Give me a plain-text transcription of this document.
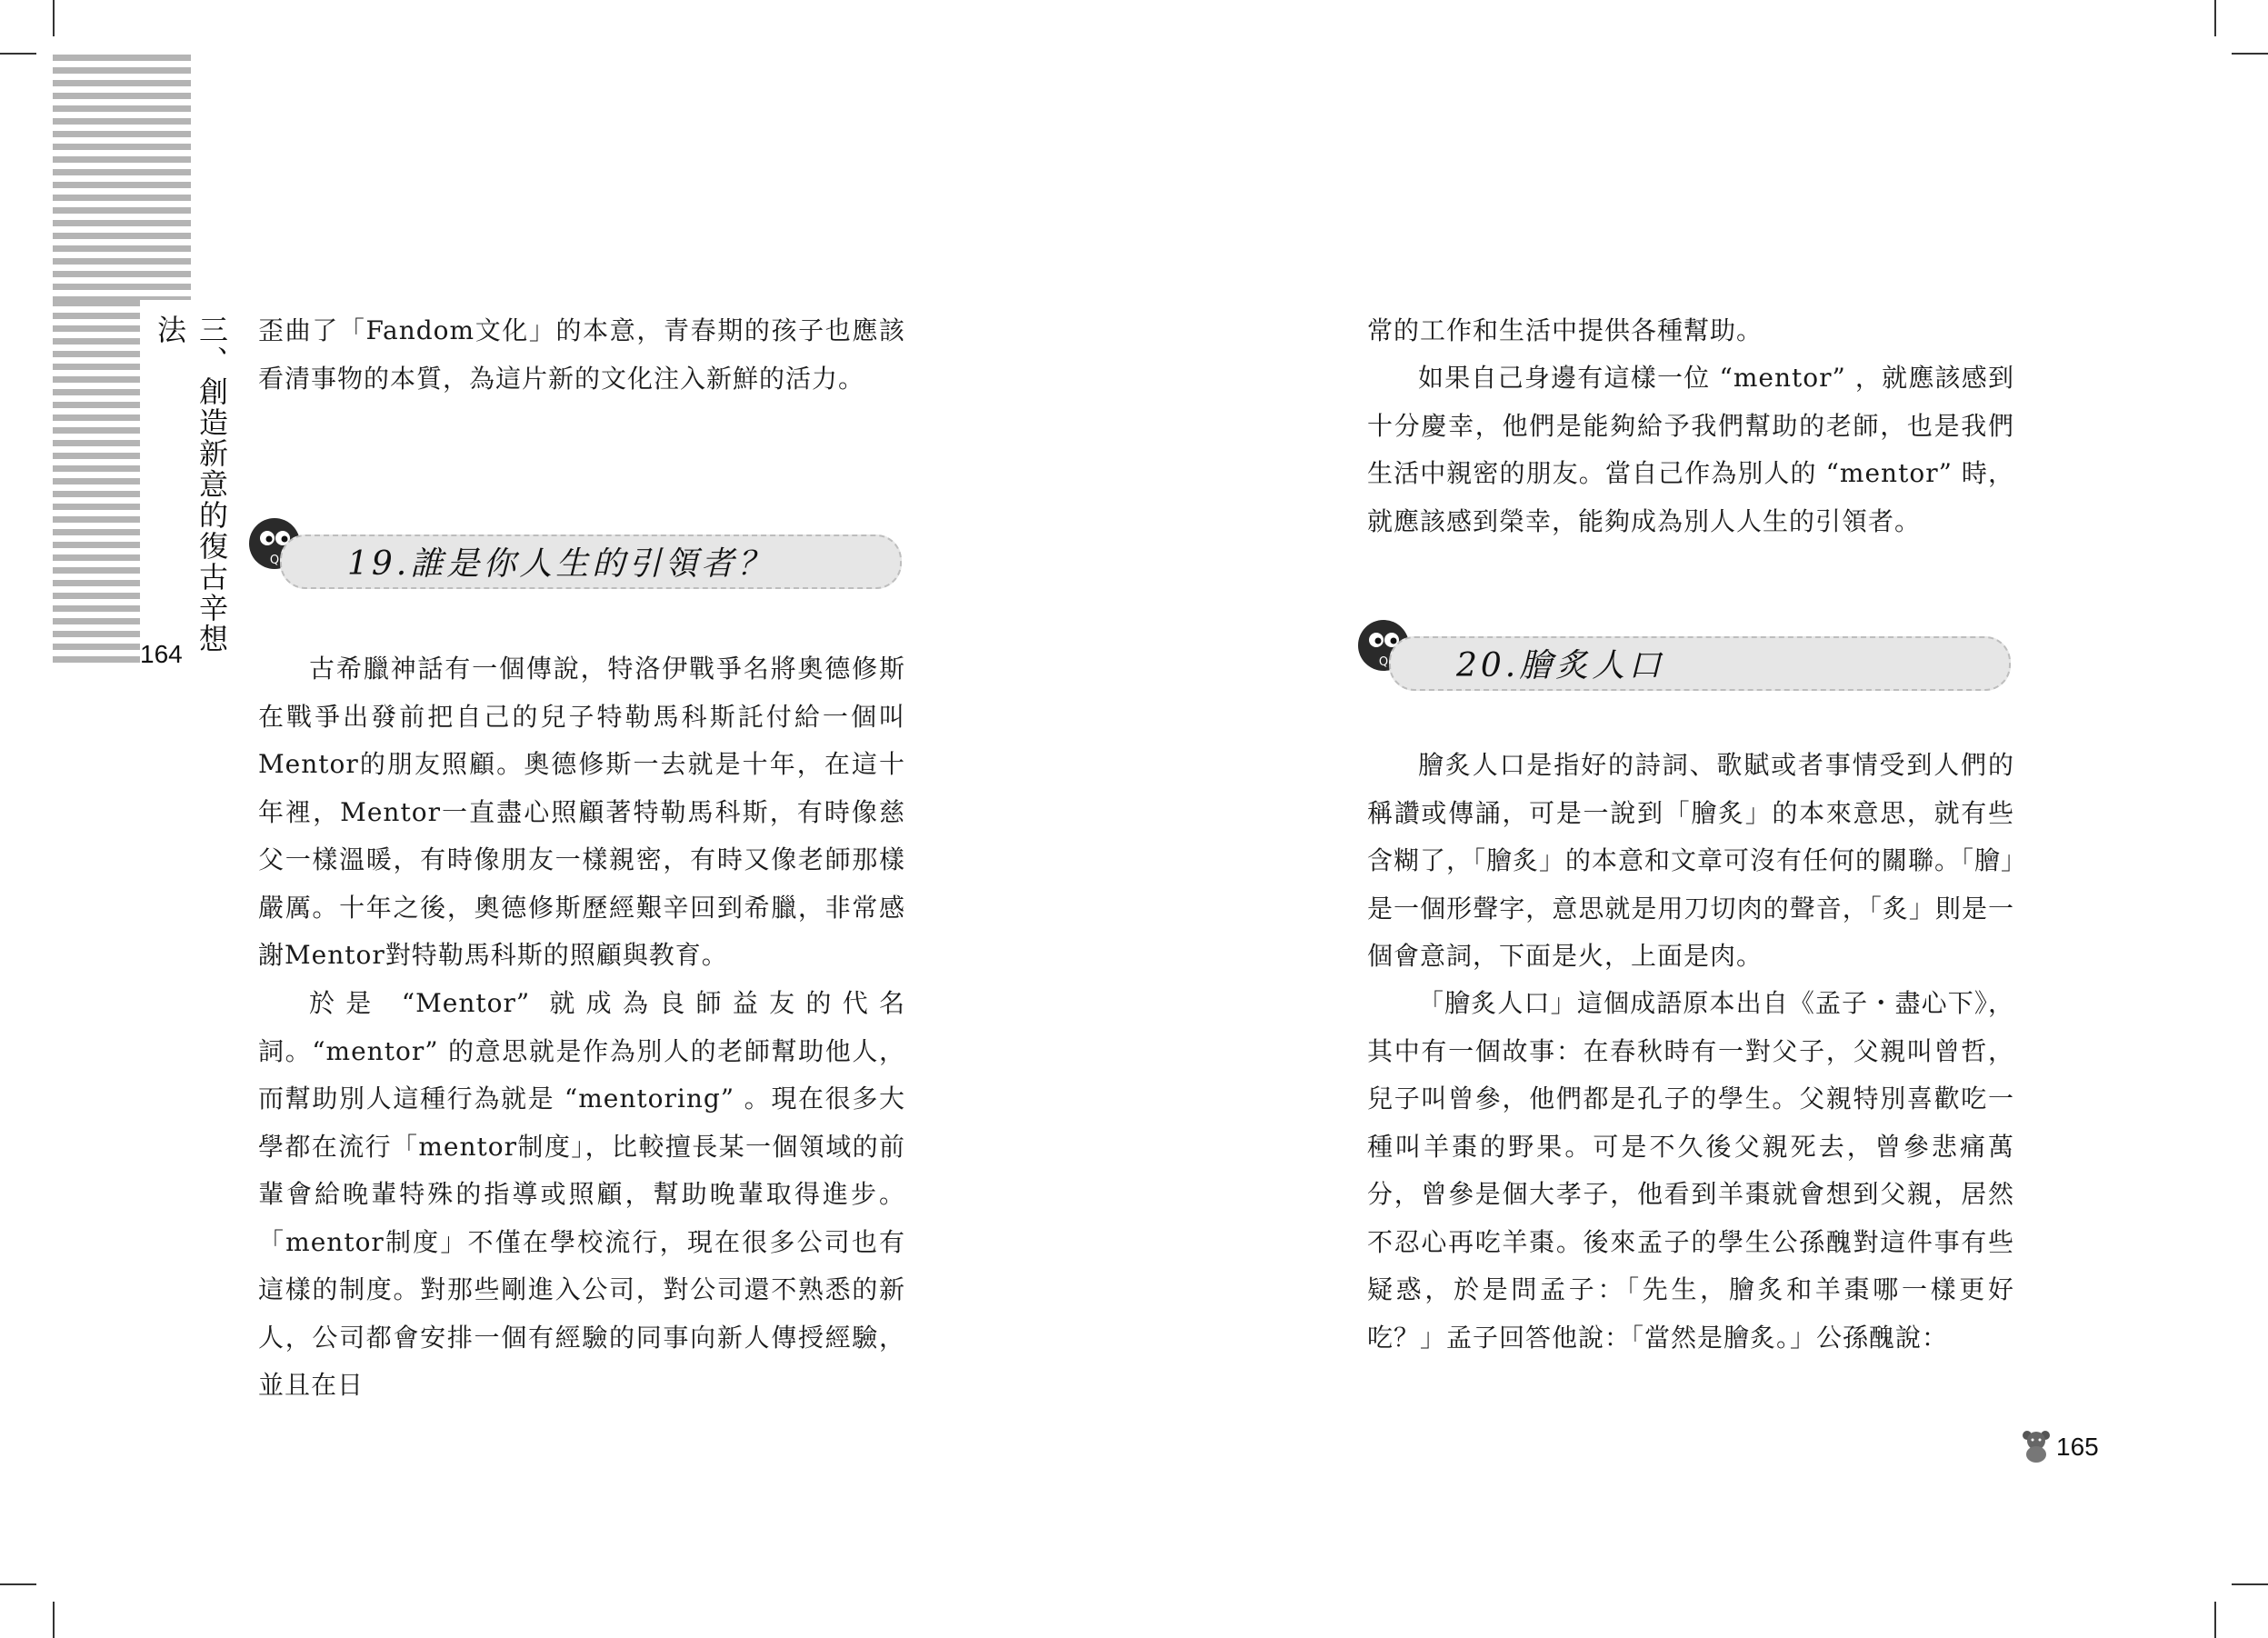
三、創造新意的復古辛想法
164

歪曲了「Fandom文化」的本意，青春期的孩子也應該看清事物的本質，為這片新的文化注入新鮮的活力。

Q 19.誰是你人生的引領者？

古希臘神話有一個傳說，特洛伊戰爭名將奧德修斯在戰爭出發前把自己的兒子特勒馬科斯託付給一個叫Mentor的朋友照顧。奧德修斯一去就是十年，在這十年裡，Mentor一直盡心照顧著特勒馬科斯，有時像慈父一樣溫暖，有時像朋友一樣親密，有時又像老師那樣嚴厲。十年之後，奧德修斯歷經艱辛回到希臘，非常感謝Mentor對特勒馬科斯的照顧與教育。

於是 “Mentor” 就成為良師益友的代名詞。“mentor” 的意思就是作為別人的老師幫助他人，而幫助別人這種行為就是 “mentoring” 。現在很多大學都在流行「mentor制度」，比較擅長某一個領域的前輩會給晚輩特殊的指導或照顧，幫助晚輩取得進步。「mentor制度」不僅在學校流行，現在很多公司也有這樣的制度。對那些剛進入公司，對公司還不熟悉的新人，公司都會安排一個有經驗的同事向新人傳授經驗，並且在日

常的工作和生活中提供各種幫助。

如果自己身邊有這樣一位 “mentor” ，就應該感到十分慶幸，他們是能夠給予我們幫助的老師，也是我們生活中親密的朋友。當自己作為別人的 “mentor” 時，就應該感到榮幸，能夠成為別人人生的引領者。

Q 20.膾炙人口

膾炙人口是指好的詩詞、歌賦或者事情受到人們的稱讚或傳誦，可是一說到「膾炙」的本來意思，就有些含糊了，「膾炙」的本意和文章可沒有任何的關聯。「膾」是一個形聲字，意思就是用刀切肉的聲音，「炙」則是一個會意詞，下面是火，上面是肉。

「膾炙人口」這個成語原本出自《孟子・盡心下》，其中有一個故事：在春秋時有一對父子，父親叫曾哲，兒子叫曾參，他們都是孔子的學生。父親特別喜歡吃一種叫羊棗的野果。可是不久後父親死去，曾參悲痛萬分，曾參是個大孝子，他看到羊棗就會想到父親，居然不忍心再吃羊棗。後來孟子的學生公孫醜對這件事有些疑惑，於是問孟子：「先生，膾炙和羊棗哪一樣更好吃？」孟子回答他說：「當然是膾炙。」公孫醜說：

165
